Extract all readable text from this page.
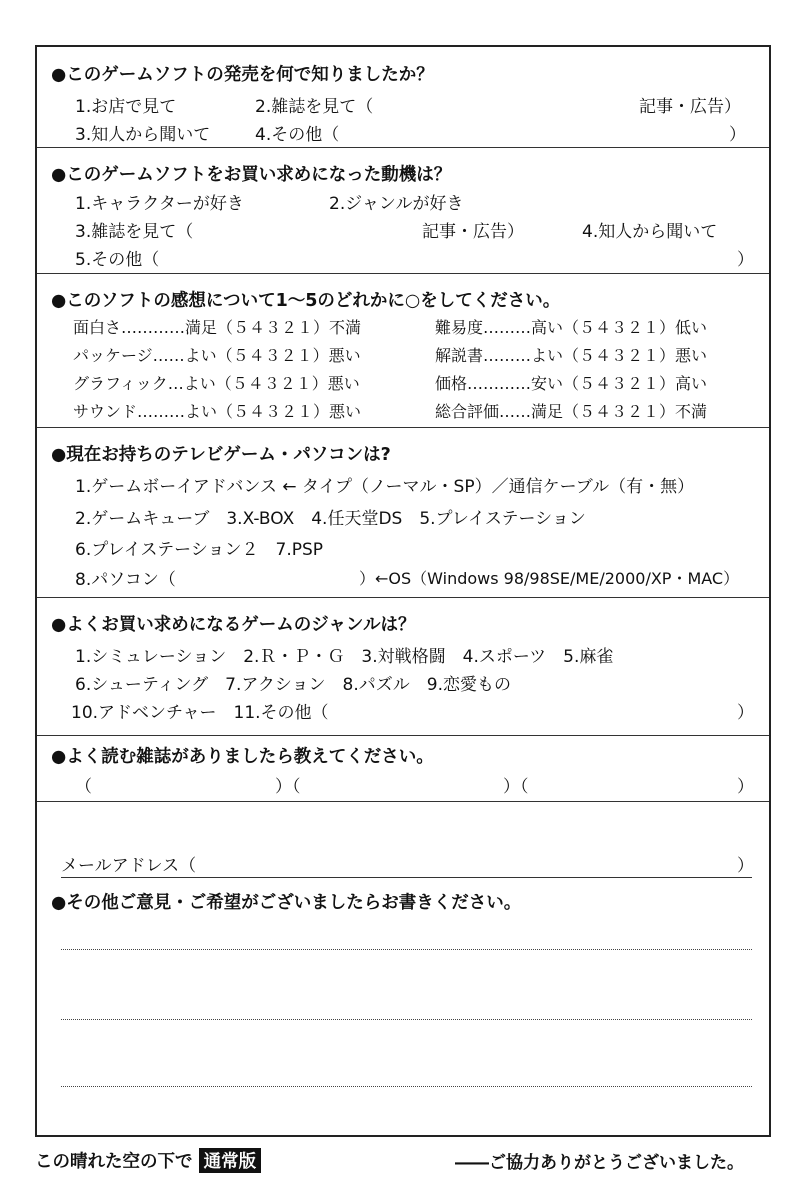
●このゲームソフトの発売を何で知りましたか？
1.お店で見て	2.雑誌を見て（	記事・広告）
3.知人から聞いて	4.その他（	）
●このゲームソフトをお買い求めになった動機は？
1.キャラクターが好き	2.ジャンルが好き
3.雑誌を見て（	記事・広告）	4.知人から聞いて
5.その他（	）
●このソフトの感想について1〜5のどれかに○をしてください。
面白さ…………満足（５４３２１）不満	難易度………高い（５４３２１）低い
パッケージ……よい（５４３２１）悪い	解説書………よい（５４３２１）悪い
グラフィック…よい（５４３２１）悪い	価格…………安い（５４３２１）高い
サウンド………よい（５４３２１）悪い	総合評価……満足（５４３２１）不満
●現在お持ちのテレビゲーム・パソコンは?
1.ゲームボーイアドバンス ← タイプ（ノーマル・SP）／通信ケーブル（有・無）
2.ゲームキューブ　3.X-BOX　4.任天堂DS　5.プレイステーション
6.プレイステーション２　7.PSP
8.パソコン（	）←OS（Windows 98/98SE/ME/2000/XP・MAC）
●よくお買い求めになるゲームのジャンルは？
1.シミュレーション　2.Ｒ・Ｐ・Ｇ　3.対戦格闘　4.スポーツ　5.麻雀
6.シューティング　7.アクション　8.パズル　9.恋愛もの
10.アドベンチャー　11.その他（	）
●よく読む雑誌がありましたら教えてください。
（	）（	）（	）
メールアドレス（	）
●その他ご意見・ご希望がございましたらお書きください。
この晴れた空の下で 通常版	――ご協力ありがとうございました。
